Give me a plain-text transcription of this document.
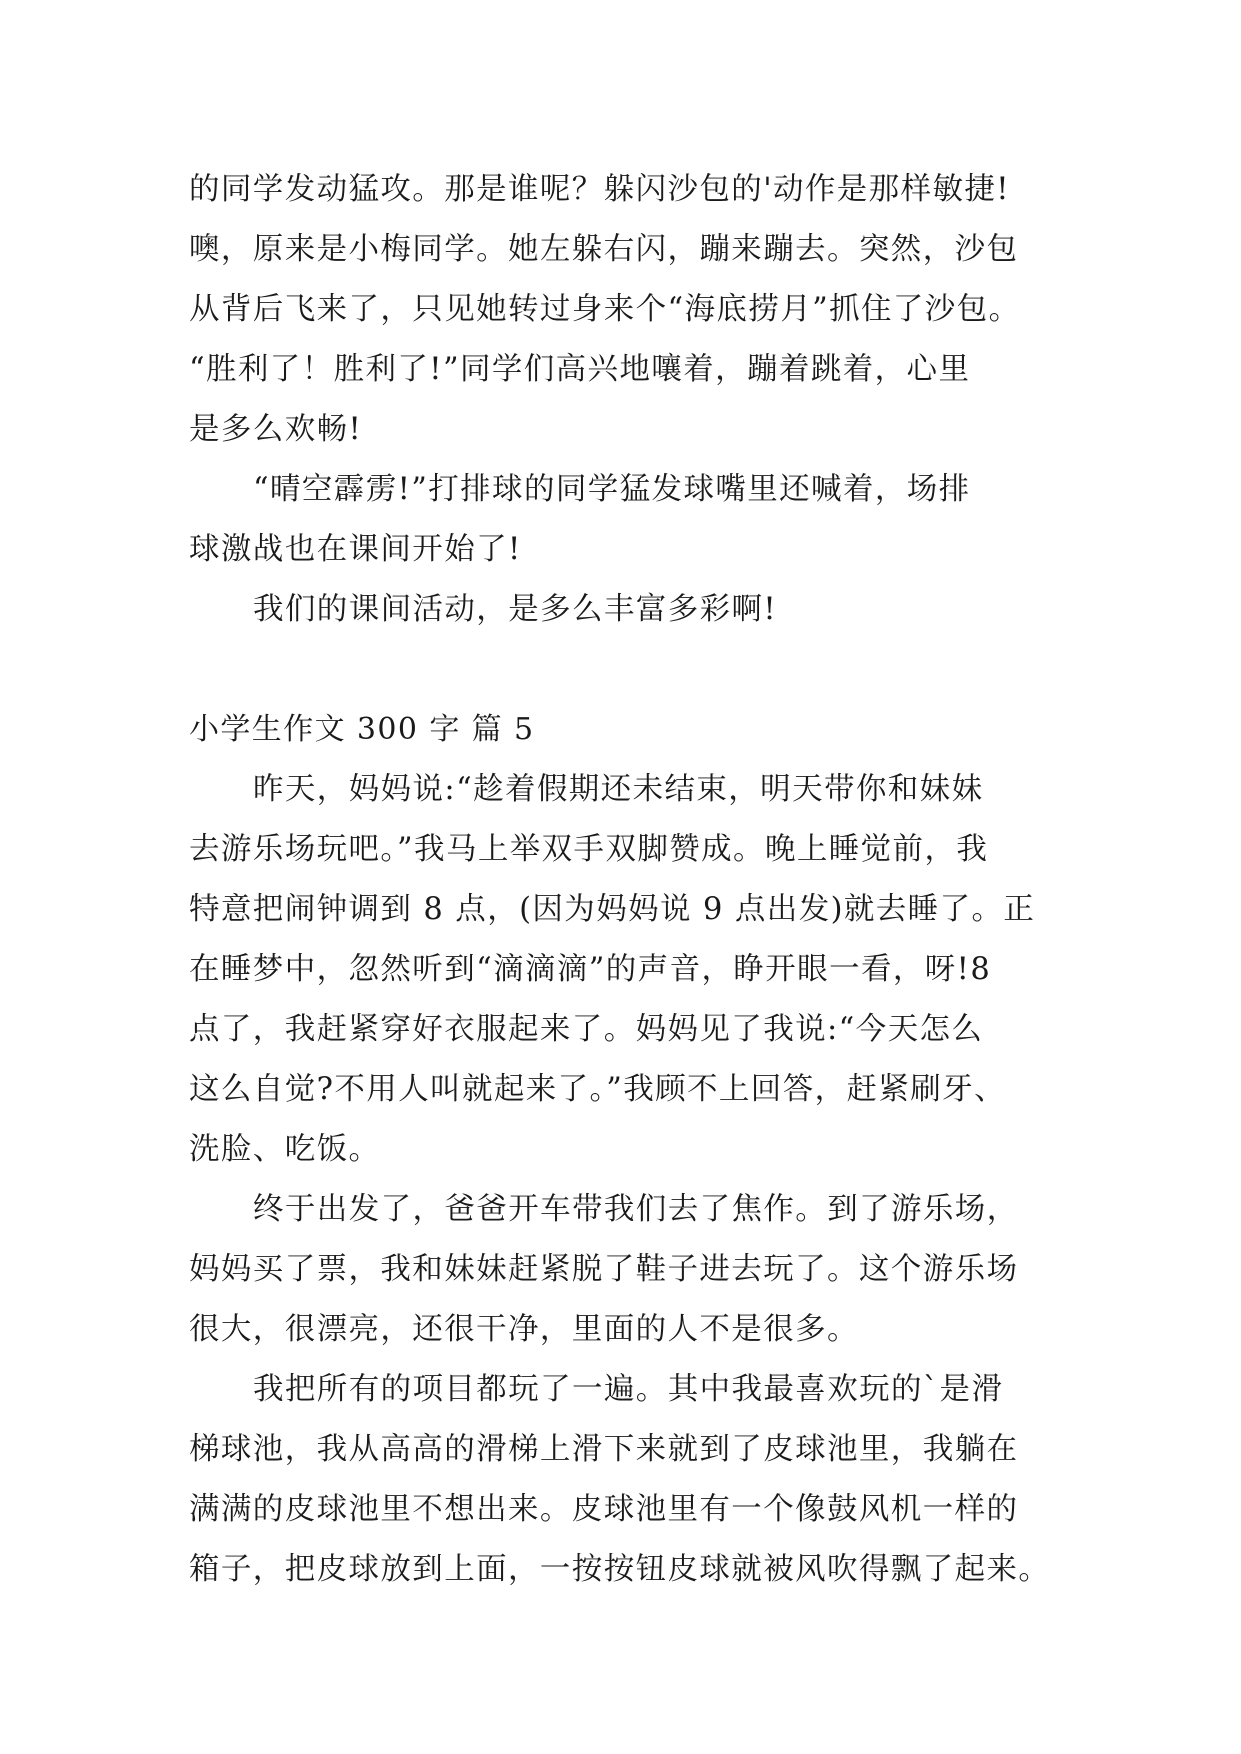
的同学发动猛攻。那是谁呢？躲闪沙包的'动作是那样敏捷!
噢，原来是小梅同学。她左躲右闪，蹦来蹦去。突然，沙包
从背后飞来了，只见她转过身来个“海底捞月”抓住了沙包。
“胜利了！胜利了!”同学们高兴地嚷着，蹦着跳着，心里
是多么欢畅!
“晴空霹雳!”打排球的同学猛发球嘴里还喊着，场排
球激战也在课间开始了!
我们的课间活动，是多么丰富多彩啊!
小学生作文 300 字 篇 5
昨天，妈妈说:“趁着假期还未结束，明天带你和妹妹
去游乐场玩吧。”我马上举双手双脚赞成。晚上睡觉前，我
特意把闹钟调到 8 点，(因为妈妈说 9 点出发)就去睡了。正
在睡梦中，忽然听到“滴滴滴”的声音，睁开眼一看，呀!8
点了，我赶紧穿好衣服起来了。妈妈见了我说:“今天怎么
这么自觉?不用人叫就起来了。”我顾不上回答，赶紧刷牙、
洗脸、吃饭。
终于出发了，爸爸开车带我们去了焦作。到了游乐场，
妈妈买了票，我和妹妹赶紧脱了鞋子进去玩了。这个游乐场
很大，很漂亮，还很干净，里面的人不是很多。
我把所有的项目都玩了一遍。其中我最喜欢玩的`是滑
梯球池，我从高高的滑梯上滑下来就到了皮球池里，我躺在
满满的皮球池里不想出来。皮球池里有一个像鼓风机一样的
箱子，把皮球放到上面，一按按钮皮球就被风吹得飘了起来。
